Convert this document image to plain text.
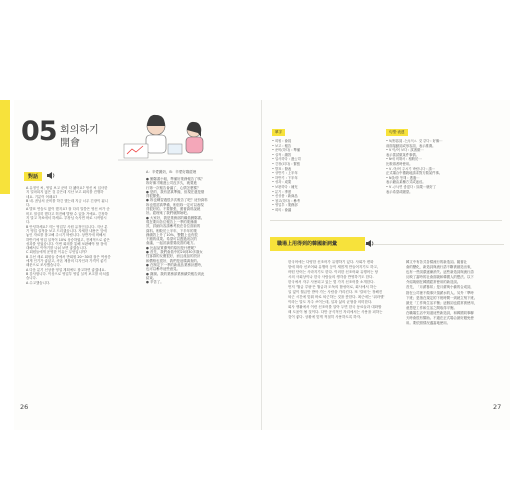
05 회의하기
開會
對話
A 유정인 씨, 영업 보고 준비 다 됐어요? 영신 씨 입사한
지 얼마되지 않은 것 같은데 지난 보고 회의를 진행하
네요. 기분이 어때요?
B 네. 꼼님처 준비를 하긴 했는데 지금 너무 긴장이 됩니
다.
A 발표 연습도 많이 했지요? 잘 다리 말씀은 영신 씨가 준
비도 열심히 했다고 허전해 발할 수 있을 거예요. 긴장하
지 말고 자료에서 하세요. 부장님 숙사면 바로 시작합시
다.
B 안녕하세요? 저는 영업부 사원 유정인입니다. 지난 분
기 영업 실적을 보고 드리겠습니다. 자세한 내용은 앞에
놓인 자료를 참고해 주시기 바랍니다. 상반기에 비해서
하반기에 영업 실적이 10% 상승하였고, 전체적으로 좋은
성과를 얻었습니다. 이번 회의를 통해 보완해야 할 점에
대해서도 이야기를 나눠 보면 좋겠습니다.
C 회원들에게 운영한 이유는 무엇입니까?
B 우선 새로 회원들 중에서 반회원 20~30대 잘은 여성층
에게 인기가 좋았고, 쿠폰 제품의 디자인과 가격이 좋기
때문으로 조사했습니다.
A 다음 분기 신상품 영업 계획에도 참고하면 좋겠네요.
B 감사합니다. 이상으로 영업부 영업 실적 보고를 마치겠
습니다.
A 수고했습니다.
A：辛愛麗奶，B：辛愛好鄭經理
● 劉鄭書小姐，準備好業務報告了嗎？
妳好像才剛進公司沒多久，就要進
行第一次報告會議了，心情怎麼樣？
● 是的，我有認真準備，但現在還是覺
得很緊張。
● 妳也練習過很多次報告了吧？這份資料
妳也很認真準備，相信妳一定可以表現
得很好的。不要緊張，照著資料說就
好。經理來了我們就開始吧。
● 大家好，我是業務部的職員劉鄭書。
現在要向各位報告上一季的業務績
效，詳細內容請參考放在各位面前的
資料。相較於上半年，下半年的業
務績效上升了10%，整體上也有很
不錯的成果。希望可以透過這次的
會議，一起討論需要改善的地方。
● 比起品質優秀的原因是什麼呢？
● 首先，我們會員中的20到30多歲女
性客群的反應很好，而且產品的設計
和價格也很好，我們是這樣調查的。
● 在制定下一季的新產品業務計畫時，
也可以參考這些意見。
● 謝謝。我的業務部業務績效報告到此
結束。
● 辛苦了。
26
單字
• 회원 : 會員
• 보고 : 報告
• 준비(하다) : 準備
• 실적 : 績效
• 입사하다 : 進公司
• 긴장(되다) : 緊張
• 발표 : 發表
• 상반기 : 上半年
• 하반기 : 下半年
• 성과 : 成果
• 보완하다 : 補充
• 분기 : 季度
• 신상품 : 新商品
• 참고(하다) : 參考
• 영업부 : 業務部
• 회의 : 會議
句型·表達
• V/形容詞 -는/(으)ㄴ 것 같다 : 好像⋯
前面接動詞或形容詞，表示推測。
• V 아/어 보다 : 試著做⋯
表示嘗試做某件事情。
• N에 비해서 : 相較於⋯
比較兩者時使用。
• V -아/어 주시기 바랍니다 : 請⋯
正式場合中禮貌地請求對方做某件事。
• N을/를 통해 : 透過⋯
表示藉由某種方式或途徑。
• V -(으)면 좋겠다 : 如果⋯就好了
表示希望或願望。
職場上用得到的韓國新詞彙
한국어에는 다양한 신조어가 유행하기 있다. 사회가 변화
함에 따라 신조어와 유행어 등이 새롭게 만들어지기도 하고,
어떤 단어는 사라지기도 한다. 이러한 신조어와 유행어는 당
시의 사회상이나 한국 사람들의 생각을 반영하기도 한다.
한국에서 자주 사용되고 있는 몇 가지 신조어를 소개한다.
먼저 '월급 루팡'은 월급과 도둑의 합성어로, 회사에서 하는
일 없이 월급만 받아 가는 사람을 가리킨다. 또 '칼퇴'는 정해진
퇴근 시간에 맞춰 바로 퇴근하는 것을 뜻한다. 최근에는 '워라밸'
이라는 말도 자주 쓰이는데, 일과 삶의 균형을 의미한다.
회사 생활에서 이런 신조어를 알아 두면 한국 동료들과 대화할
때 도움이 될 것이다. 다만 공식적인 자리에서는 사용을 피하는
것이 좋다. 상황에 맞게 적절히 사용하도록 하자.
韓文中有各式各樣流行的新造詞。隨著社
會的變化，新造詞與流行語不斷被創造出來，
也有一些詞彙逐漸消失。這些新造詞與流行語
反映了當時的社會面貌和韓國人的想法。以下
介紹幾個在韓國經常使用的新造詞。
首先，「月薪魯邦」是月薪與小偷的合成詞，
指在公司裡不做事只領薪水的人。另外「準時
下班」是指在規定的下班時間一到就立刻下班。
最近「工作與生活平衡」這個詞也經常被使用，
意思是工作和生活之間取得平衡。
在職場生活中知道這些新造詞，和韓國同事聊
天時會很有幫助。不過在正式場合最好避免使
用。要依照情況適當地使用。
27
